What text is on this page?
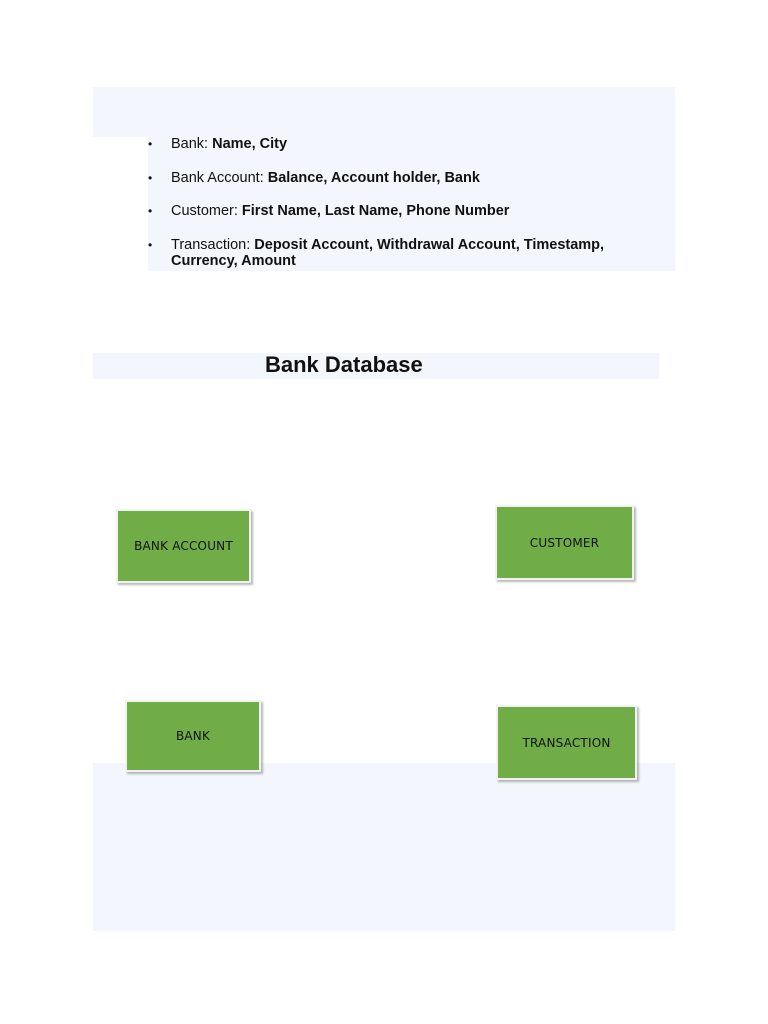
• Bank: Name, City
• Bank Account: Balance, Account holder, Bank
• Customer: First Name, Last Name, Phone Number
• Transaction: Deposit Account, Withdrawal Account, Timestamp, Currency, Amount
Bank Database
BANK ACCOUNT	CUSTOMER
BANK	TRANSACTION
